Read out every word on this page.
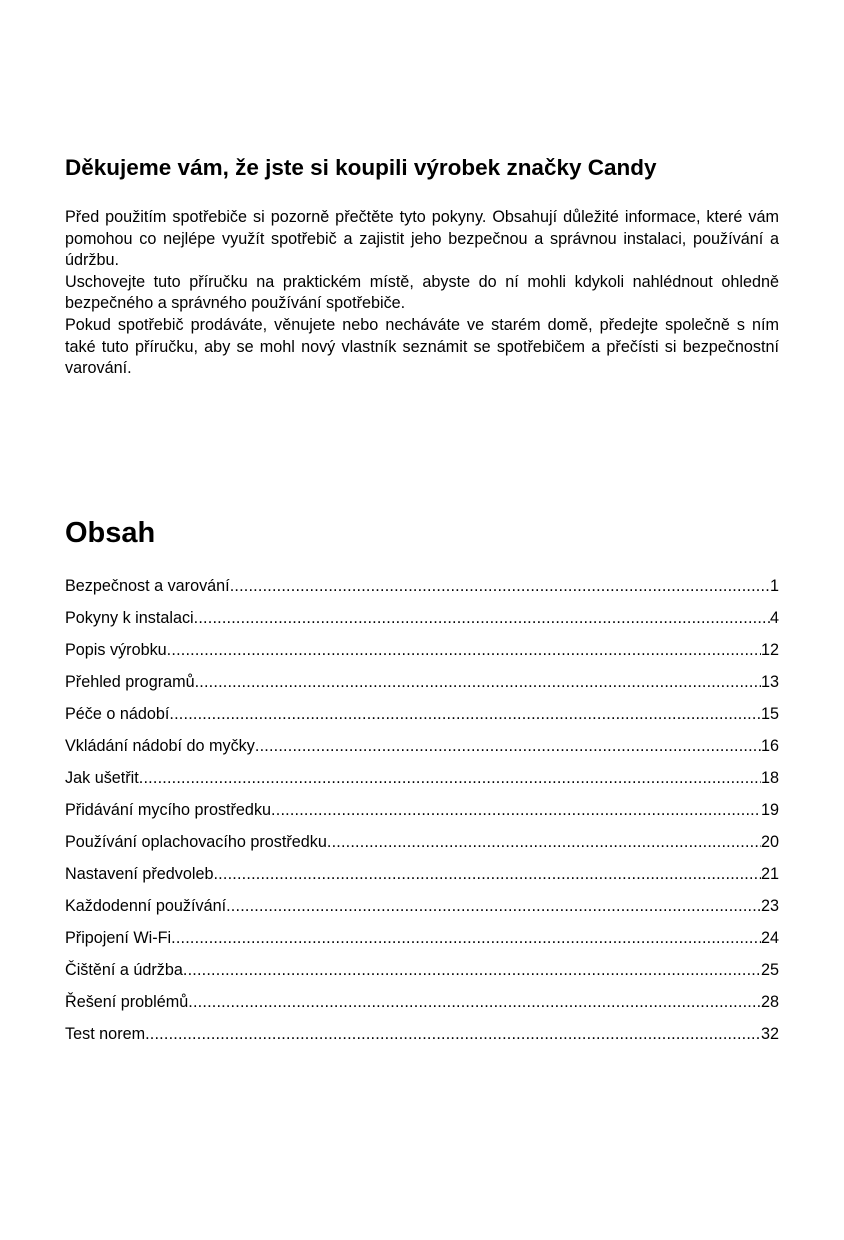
Děkujeme vám, že jste si koupili výrobek značky Candy

Před použitím spotřebiče si pozorně přečtěte tyto pokyny. Obsahují důležité informace, které vám pomohou co nejlépe využít spotřebič a zajistit jeho bezpečnou a správnou instalaci, používání a údržbu.

Uschovejte tuto příručku na praktickém místě, abyste do ní mohli kdykoli nahlédnout ohledně bezpečného a správného používání spotřebiče.

Pokud spotřebič prodáváte, věnujete nebo necháváte ve starém domě, předejte společně s ním také tuto příručku, aby se mohl nový vlastník seznámit se spotřebičem a přečísti si bezpečnostní varování.

Obsah
Bezpečnost a varování .....	1
Pokyny k instalaci .....	4
Popis výrobku .....	12
Přehled programů .....	13
Péče o nádobí .....	15
Vkládání nádobí do myčky .....	16
Jak ušetřit .....	18
Přidávání mycího prostředku .....	19
Používání oplachovacího prostředku .....	20
Nastavení předvoleb .....	21
Každodenní používání .....	23
Připojení Wi-Fi .....	24
Čištění a údržba .....	25
Řešení problémů .....	28
Test norem .....	32
